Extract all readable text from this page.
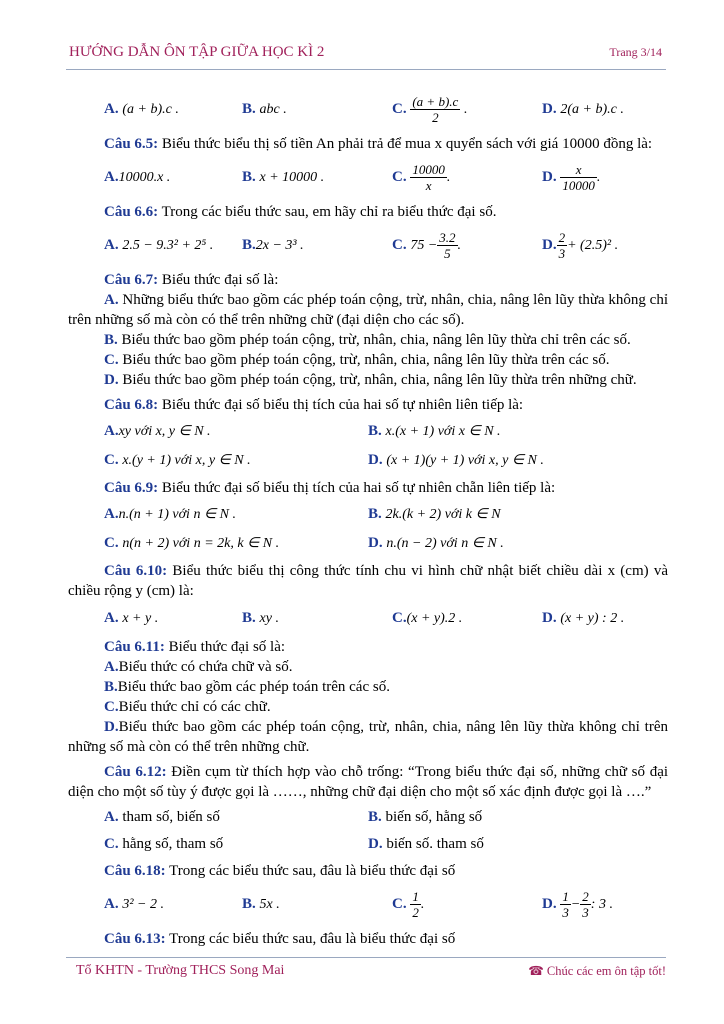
HƯỚNG DẪN ÔN TẬP GIỮA HỌC KÌ 2	Trang 3/14
A. (a + b).c .	B. abc .	C. $\frac{(a + b).c}{2}$ .	D. 2(a + b).c .
Câu 6.5: Biểu thức biểu thị số tiền An phải trả để mua x quyển sách với giá 10000 đồng là:
A.10000.x .	B. x + 10000 .	C. $\frac{10000}{x}$ .	D. $\frac{x}{10000}$ .
Câu 6.6: Trong các biểu thức sau, em hãy chỉ ra biểu thức đại số.
A. 2.5 − 9.3² + 2⁵ .	B.2x − 3³ .	C. $75 - \frac{3.2}{5}$ .	D. $\frac{2}{3} + (2.5)^2$ .
Câu 6.7: Biểu thức đại số là:
A. Những biểu thức bao gồm các phép toán cộng, trừ, nhân, chia, nâng lên lũy thừa không chỉ trên những số mà còn có thể trên những chữ (đại diện cho các số).
B. Biểu thức bao gồm phép toán cộng, trừ, nhân, chia, nâng lên lũy thừa chỉ trên các số.
C. Biểu thức bao gồm phép toán cộng, trừ, nhân, chia, nâng lên lũy thừa trên các số.
D. Biểu thức bao gồm phép toán cộng, trừ, nhân, chia, nâng lên lũy thừa trên những chữ.
Câu 6.8: Biểu thức đại số biểu thị tích của hai số tự nhiên liên tiếp là:
A.xy với x, y ∈ N .	B. x.(x + 1) với x ∈ N .
C. x.(y + 1) với x, y ∈ N .	D. (x + 1)(y + 1) với x, y ∈ N .
Câu 6.9: Biểu thức đại số biểu thị tích của hai số tự nhiên chẵn liên tiếp là:
A.n.(n + 1) với n ∈ N .	B. 2k.(k + 2) với k ∈ N
C. n(n + 2) với n = 2k, k ∈ N .	D. n.(n − 2) với n ∈ N .
Câu 6.10: Biểu thức biểu thị công thức tính chu vi hình chữ nhật biết chiều dài x (cm) và chiều rộng y (cm) là:
A. x + y .	B. xy .	C.(x + y).2 .	D. (x + y) : 2 .
Câu 6.11: Biểu thức đại số là:
A.Biểu thức có chứa chữ và số.
B.Biểu thức bao gồm các phép toán trên các số.
C.Biểu thức chỉ có các chữ.
D.Biểu thức bao gồm các phép toán cộng, trừ, nhân, chia, nâng lên lũy thừa không chỉ trên những số mà còn có thể trên những chữ.
Câu 6.12: Điền cụm từ thích hợp vào chỗ trống: “Trong biểu thức đại số, những chữ số đại diện cho một số tùy ý được gọi là ……, những chữ đại diện cho một số xác định được gọi là ….”
A. tham số, biến số	B. biến số, hằng số
C. hằng số, tham số	D. biến số. tham số
Câu 6.18: Trong các biểu thức sau, đâu là biểu thức đại số
A. 3² − 2 .	B. 5x .	C. $\frac{1}{2}$ .	D. $\frac{1}{3} - \frac{2}{3}$ : 3 .
Câu 6.13: Trong các biểu thức sau, đâu là biểu thức đại số
Tổ KHTN - Trường THCS Song Mai	☎ Chúc các em ôn tập tốt!
